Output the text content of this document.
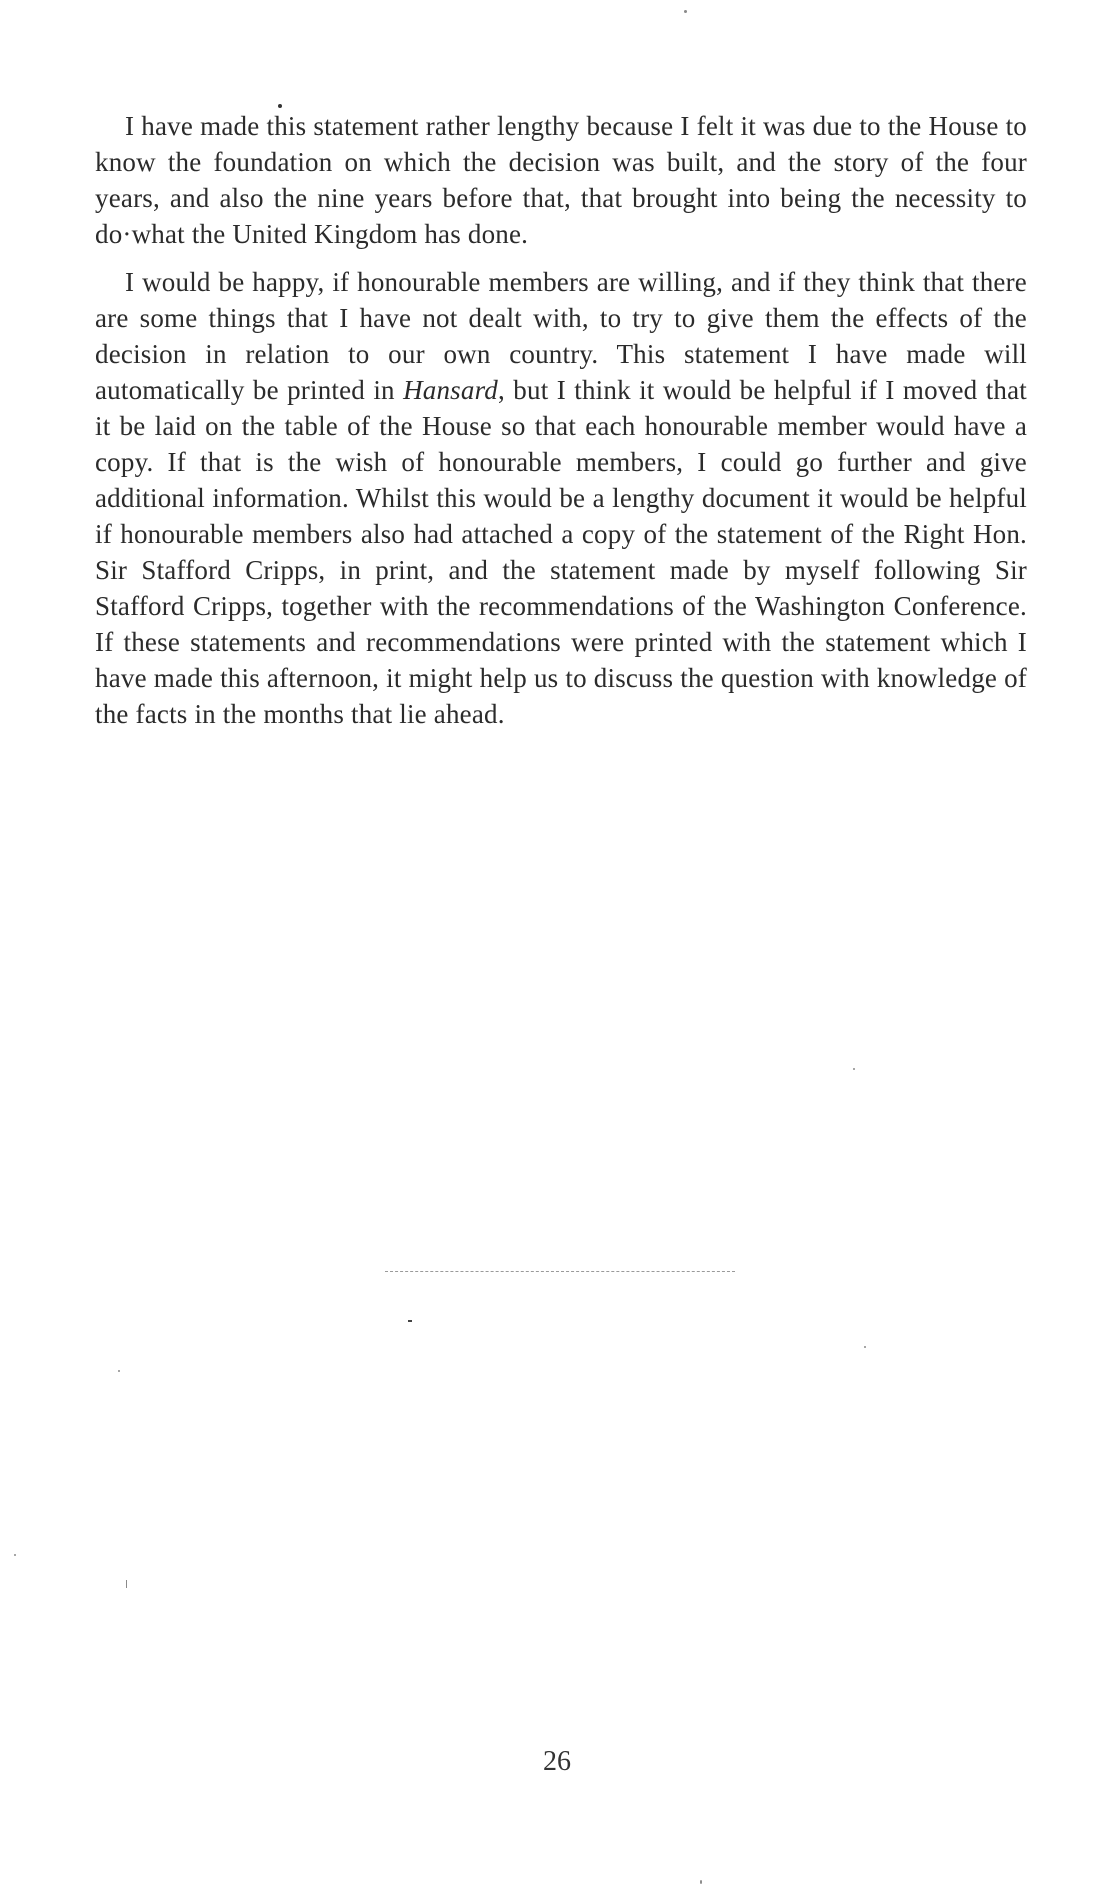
I have made this statement rather lengthy because I felt it was due to the House to know the foundation on which the decision was built, and the story of the four years, and also the nine years before that, that brought into being the necessity to do·what the United Kingdom has done.

I would be happy, if honourable members are willing, and if they think that there are some things that I have not dealt with, to try to give them the effects of the decision in relation to our own country. This statement I have made will automatically be printed in Hansard, but I think it would be helpful if I moved that it be laid on the table of the House so that each honourable member would have a copy. If that is the wish of honourable members, I could go further and give additional information. Whilst this would be a lengthy document it would be helpful if honourable members also had attached a copy of the statement of the Right Hon. Sir Stafford Cripps, in print, and the statement made by myself following Sir Stafford Cripps, together with the recommendations of the Washington Conference. If these statements and recommendations were printed with the statement which I have made this afternoon, it might help us to discuss the question with knowledge of the facts in the months that lie ahead.

26
